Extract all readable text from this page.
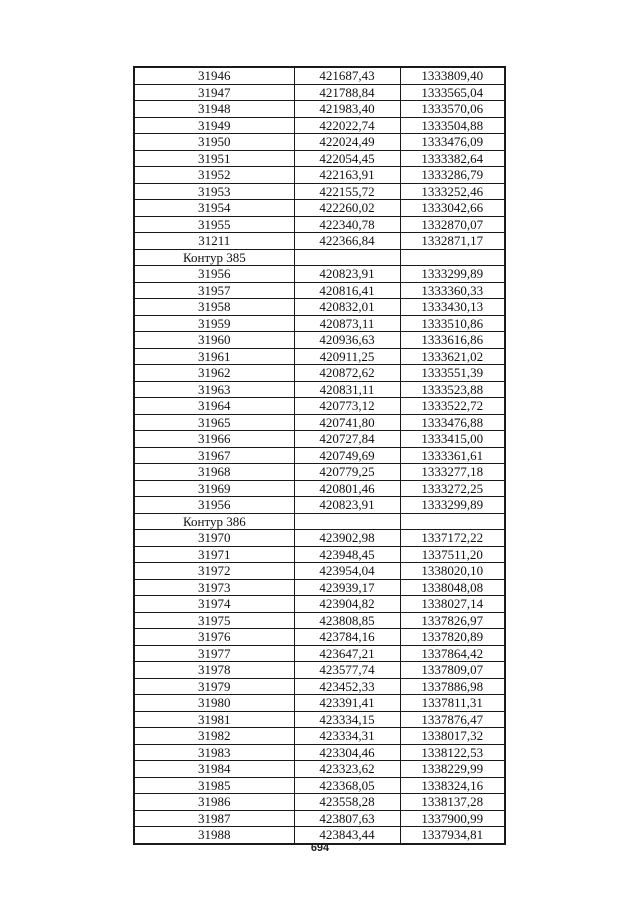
31946	421687,43	1333809,40
31947	421788,84	1333565,04
31948	421983,40	1333570,06
31949	422022,74	1333504,88
31950	422024,49	1333476,09
31951	422054,45	1333382,64
31952	422163,91	1333286,79
31953	422155,72	1333252,46
31954	422260,02	1333042,66
31955	422340,78	1332870,07
31211	422366,84	1332871,17
Контур 385		
31956	420823,91	1333299,89
31957	420816,41	1333360,33
31958	420832,01	1333430,13
31959	420873,11	1333510,86
31960	420936,63	1333616,86
31961	420911,25	1333621,02
31962	420872,62	1333551,39
31963	420831,11	1333523,88
31964	420773,12	1333522,72
31965	420741,80	1333476,88
31966	420727,84	1333415,00
31967	420749,69	1333361,61
31968	420779,25	1333277,18
31969	420801,46	1333272,25
31956	420823,91	1333299,89
Контур 386		
31970	423902,98	1337172,22
31971	423948,45	1337511,20
31972	423954,04	1338020,10
31973	423939,17	1338048,08
31974	423904,82	1338027,14
31975	423808,85	1337826,97
31976	423784,16	1337820,89
31977	423647,21	1337864,42
31978	423577,74	1337809,07
31979	423452,33	1337886,98
31980	423391,41	1337811,31
31981	423334,15	1337876,47
31982	423334,31	1338017,32
31983	423304,46	1338122,53
31984	423323,62	1338229,99
31985	423368,05	1338324,16
31986	423558,28	1338137,28
31987	423807,63	1337900,99
31988	423843,44	1337934,81
694
